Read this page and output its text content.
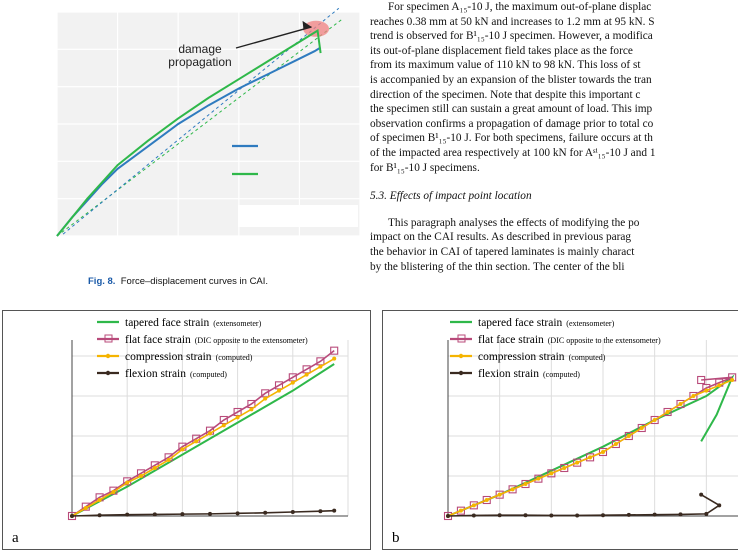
For specimen A₁₅-10 J, the maximum out-of-plane displac

reaches 0.38 mm at 50 kN and increases to 1.2 mm at 95 kN. S

trend is observed for B¹₁₅-10 J specimen. However, a modifica

its out-of-plane displacement field takes place as the force

from its maximum value of 110 kN to 98 kN. This loss of st

is accompanied by an expansion of the blister towards the tran

direction of the specimen. Note that despite this important c

the specimen still can sustain a great amount of load. This imp

observation confirms a propagation of damage prior to total co

of specimen B¹₁₅-10 J. For both specimens, failure occurs at th

of the impacted area respectively at 100 kN for Aˢⁱ₁₅-10 J and 1

for B¹₁₅-10 J specimens.

5.3. Effects of impact point location

This paragraph analyses the effects of modifying the po

impact on the CAI results. As described in previous parag

the behavior in CAI of tapered laminates is mainly charact

by the blistering of the thin section. The center of the bli

damage propagation
Fig. 8. Force–displacement curves in CAI.
a
tapered face strain (extensometer)
flat face strain (DIC opposite to the extensometer)
compression strain (computed)
flexion strain (computed)
b
tapered face strain (extensometer)
flat face strain (DIC opposite to the extensometer)
compression strain (computed)
flexion strain (computed)
